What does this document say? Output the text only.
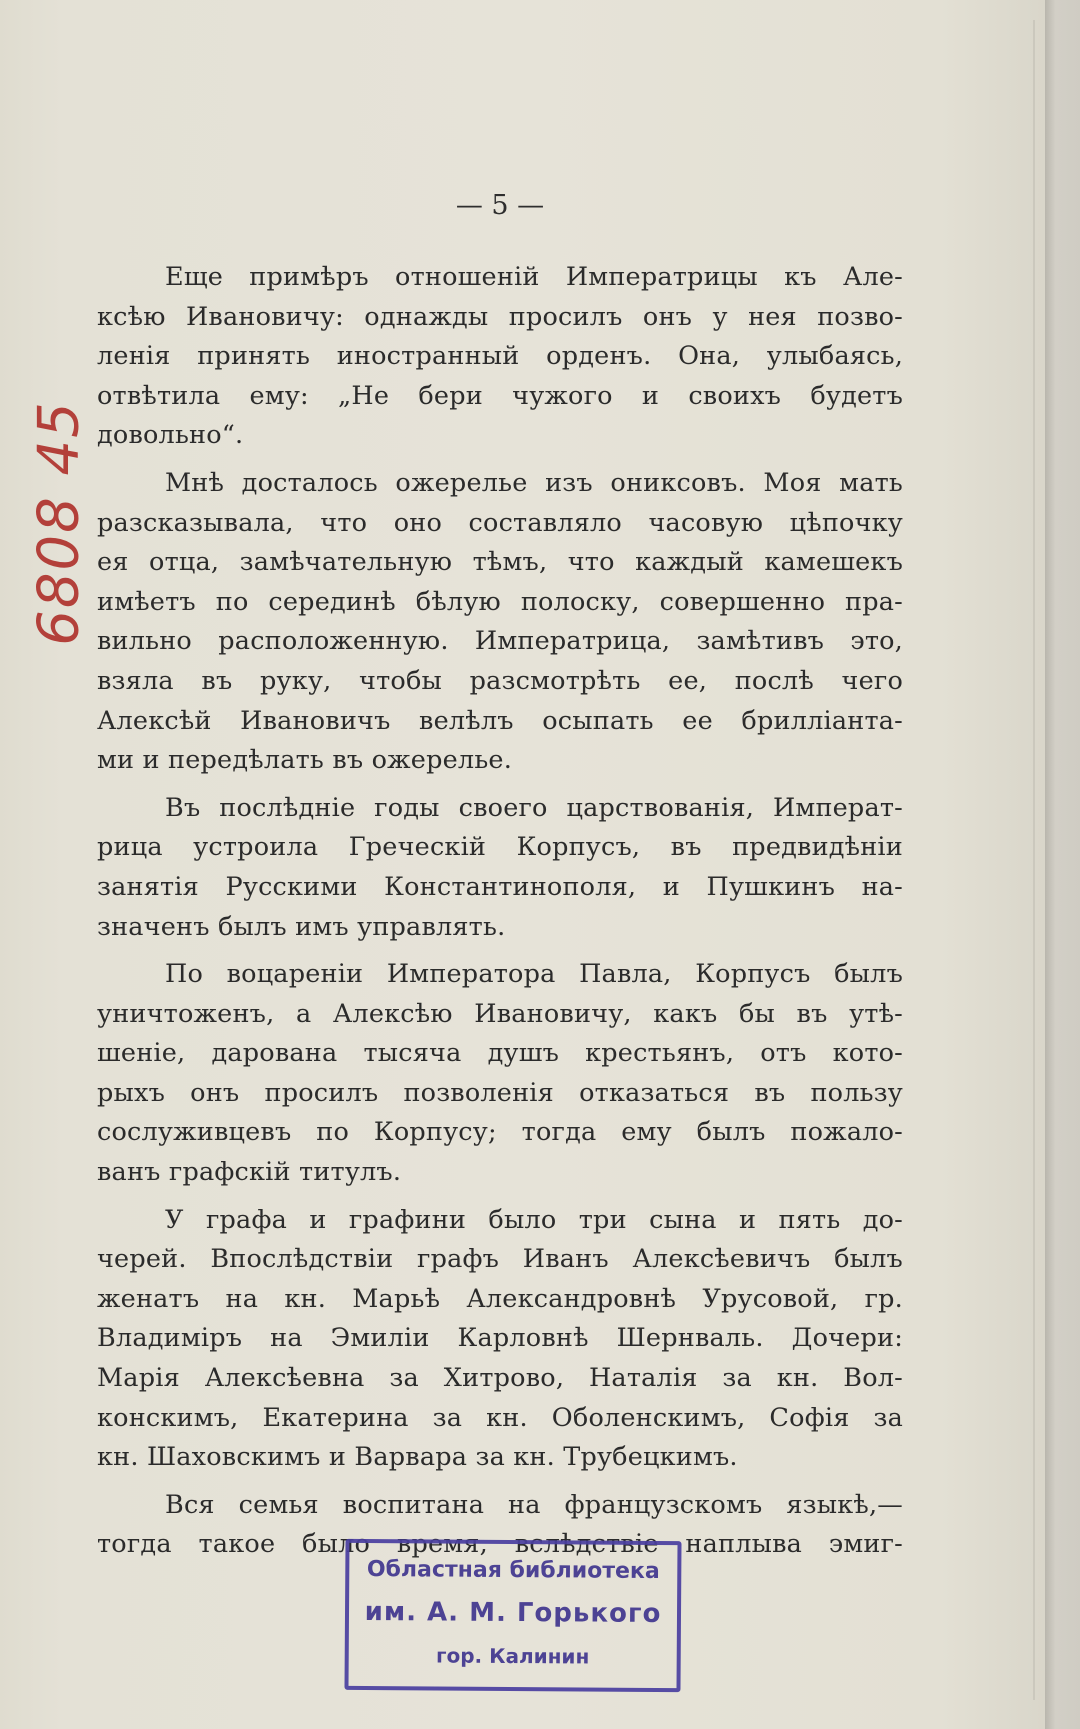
— 5 —
6808 45
Еще примѣръ отношеній Императрицы къ Але-
ксѣю Ивановичу: однажды просилъ онъ у нея позво-
ленія принять иностранный орденъ. Она, улыбаясь,
отвѣтила ему: „Не бери чужого и своихъ будетъ
довольно“.
Мнѣ досталось ожерелье изъ ониксовъ. Моя мать
разсказывала, что оно составляло часовую цѣпочку
ея отца, замѣчательную тѣмъ, что каждый камешекъ
имѣетъ по серединѣ бѣлую полоску, совершенно пра-
вильно расположенную. Императрица, замѣтивъ это,
взяла въ руку, чтобы разсмотрѣть ее, послѣ чего
Алексѣй Ивановичъ велѣлъ осыпать ее брилліанта-
ми и передѣлать въ ожерелье.
Въ послѣдніе годы своего царствованія, Императ-
рица устроила Греческій Корпусъ, въ предвидѣніи
занятія Русскими Константинополя, и Пушкинъ на-
значенъ былъ имъ управлять.
По воцареніи Императора Павла, Корпусъ былъ
уничтоженъ, а Алексѣю Ивановичу, какъ бы въ утѣ-
шеніе, дарована тысяча душъ крестьянъ, отъ кото-
рыхъ онъ просилъ позволенія отказаться въ пользу
сослуживцевъ по Корпусу; тогда ему былъ пожало-
ванъ графскій титулъ.
У графа и графини было три сына и пять до-
черей. Впослѣдствіи графъ Иванъ Алексѣевичъ былъ
женатъ на кн. Марьѣ Александровнѣ Урусовой, гр.
Владиміръ на Эмиліи Карловнѣ Шернваль. Дочери:
Марія Алексѣевна за Хитрово, Наталія за кн. Вол-
конскимъ, Екатерина за кн. Оболенскимъ, Софія за
кн. Шаховскимъ и Варвара за кн. Трубецкимъ.
Вся семья воспитана на французскомъ языкѣ,—
тогда такое было время, вслѣдствіе наплыва эмиг-
Областная библиотека
им. А. М. Горького
гор. Калинин
